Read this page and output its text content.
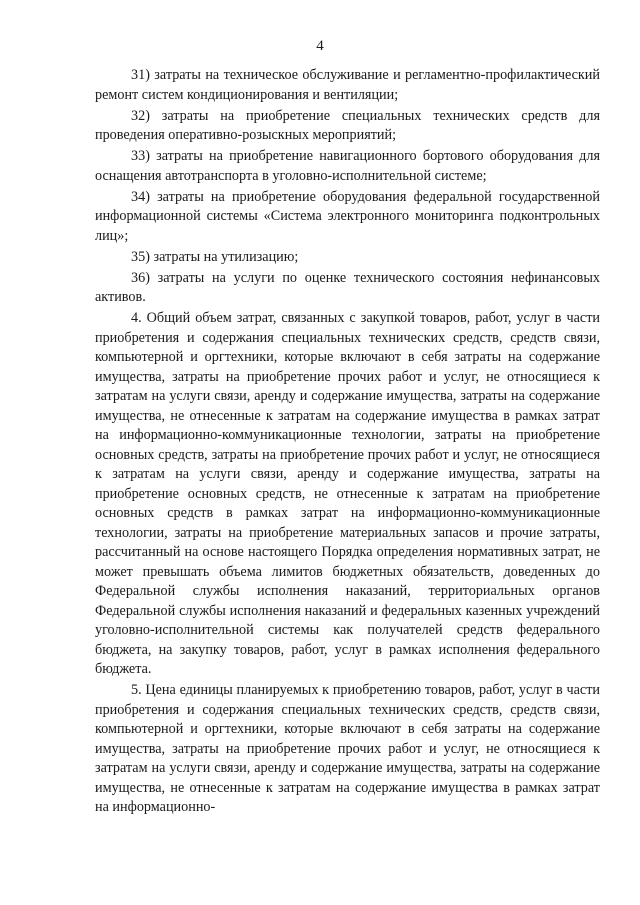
4

31) затраты на техническое обслуживание и регламентно-профилактический ремонт систем кондиционирования и вентиляции;

32) затраты на приобретение специальных технических средств для проведения оперативно-розыскных мероприятий;

33) затраты на приобретение навигационного бортового оборудования для оснащения автотранспорта в уголовно-исполнительной системе;

34) затраты на приобретение оборудования федеральной государственной информационной системы «Система электронного мониторинга подконтрольных лиц»;

35) затраты на утилизацию;

36) затраты на услуги по оценке технического состояния нефинансовых активов.

4. Общий объем затрат, связанных с закупкой товаров, работ, услуг в части приобретения и содержания специальных технических средств, средств связи, компьютерной и оргтехники, которые включают в себя затраты на содержание имущества, затраты на приобретение прочих работ и услуг, не относящиеся к затратам на услуги связи, аренду и содержание имущества, затраты на содержание имущества, не отнесенные к затратам на содержание имущества в рамках затрат на информационно-коммуникационные технологии, затраты на приобретение основных средств, затраты на приобретение прочих работ и услуг, не относящиеся к затратам на услуги связи, аренду и содержание имущества, затраты на приобретение основных средств, не отнесенные к затратам на приобретение основных средств в рамках затрат на информационно-коммуникационные технологии, затраты на приобретение материальных запасов и прочие затраты, рассчитанный на основе настоящего Порядка определения нормативных затрат, не может превышать объема лимитов бюджетных обязательств, доведенных до Федеральной службы исполнения наказаний, территориальных органов Федеральной службы исполнения наказаний и федеральных казенных учреждений уголовно-исполнительной системы как получателей средств федерального бюджета, на закупку товаров, работ, услуг в рамках исполнения федерального бюджета.

5. Цена единицы планируемых к приобретению товаров, работ, услуг в части приобретения и содержания специальных технических средств, средств связи, компьютерной и оргтехники, которые включают в себя затраты на содержание имущества, затраты на приобретение прочих работ и услуг, не относящиеся к затратам на услуги связи, аренду и содержание имущества, затраты на содержание имущества, не отнесенные к затратам на содержание имущества в рамках затрат на информационно-
